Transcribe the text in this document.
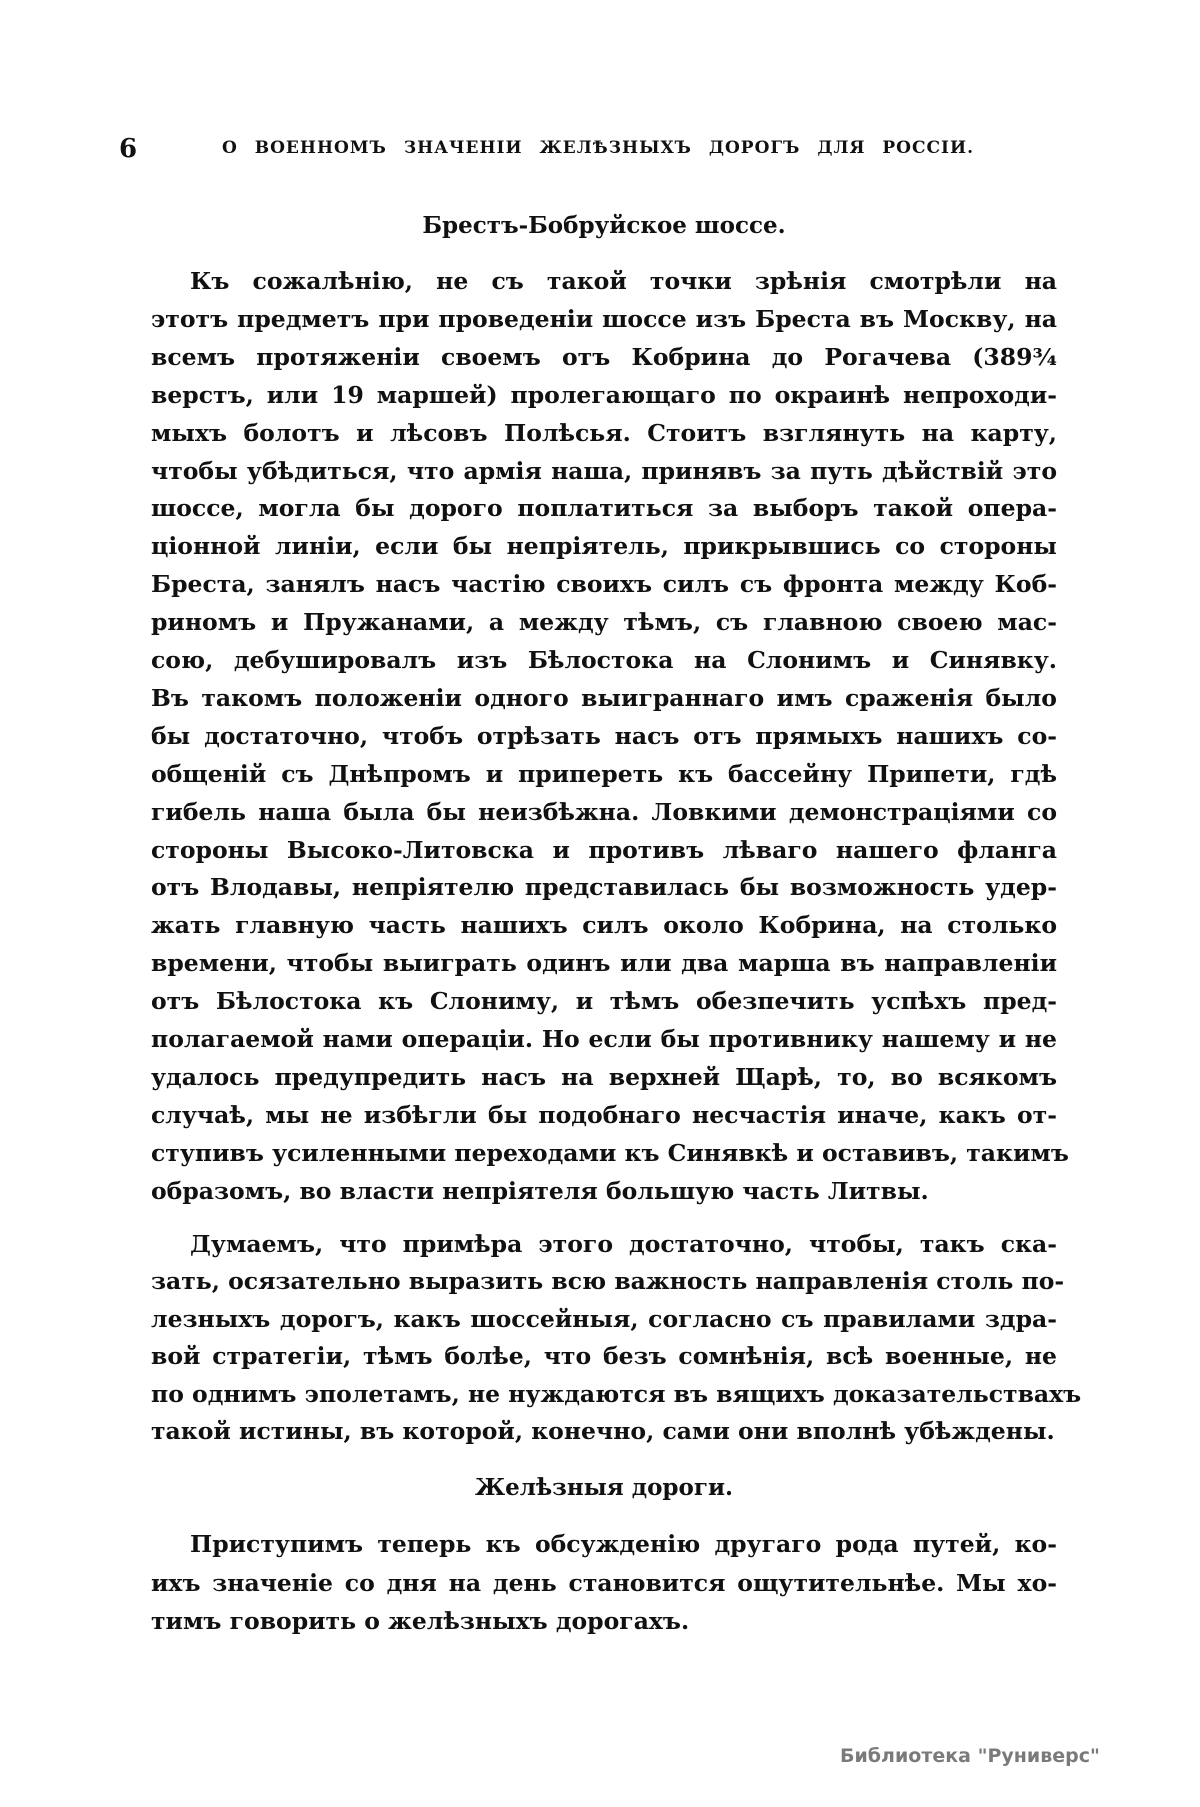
6	О ВОЕННОМЪ ЗНАЧЕНІИ ЖЕЛѢЗНЫХЪ ДОРОГЪ ДЛЯ РОССІИ.
Брестъ-Бобруйское шоссе.
Къ сожалѣнію, не съ такой точки зрѣнія смотрѣли на
этотъ предметъ при проведеніи шоссе изъ Бреста въ Москву, на
всемъ протяженіи своемъ отъ Кобрина до Рогачева (389¾
верстъ, или 19 маршей) пролегающаго по окраинѣ непроходи-
мыхъ болотъ и лѣсовъ Полѣсья. Стоитъ взглянуть на карту,
чтобы убѣдиться, что армія наша, принявъ за путь дѣйствій это
шоссе, могла бы дорого поплатиться за выборъ такой опера-
ціонной линіи, если бы непріятель, прикрывшись со стороны
Бреста, занялъ насъ частію своихъ силъ съ фронта между Коб-
риномъ и Пружанами, а между тѣмъ, съ главною своею мас-
сою, дебушировалъ изъ Бѣлостока на Слонимъ и Синявку.
Въ такомъ положеніи одного выиграннаго имъ сраженія было
бы достаточно, чтобъ отрѣзать насъ отъ прямыхъ нашихъ со-
общеній съ Днѣпромъ и припереть къ бассейну Припети, гдѣ
гибель наша была бы неизбѣжна. Ловкими демонстраціями со
стороны Высоко-Литовска и противъ лѣваго нашего фланга
отъ Влодавы, непріятелю представилась бы возможность удер-
жать главную часть нашихъ силъ около Кобрина, на столько
времени, чтобы выиграть одинъ или два марша въ направленіи
отъ Бѣлостока къ Слониму, и тѣмъ обезпечить успѣхъ пред-
полагаемой нами операціи. Но если бы противнику нашему и не
удалось предупредить насъ на верхней Щарѣ, то, во всякомъ
случаѣ, мы не избѣгли бы подобнаго несчастія иначе, какъ от-
ступивъ усиленными переходами къ Синявкѣ и оставивъ, такимъ
образомъ, во власти непріятеля большую часть Литвы.
Думаемъ, что примѣра этого достаточно, чтобы, такъ ска-
зать, осязательно выразить всю важность направленія столь по-
лезныхъ дорогъ, какъ шоссейныя, согласно съ правилами здра-
вой стратегіи, тѣмъ болѣе, что безъ сомнѣнія, всѣ военные, не
по однимъ эполетамъ, не нуждаются въ вящихъ доказательствахъ
такой истины, въ которой, конечно, сами они вполнѣ убѣждены.
Желѣзныя дороги.
Приступимъ теперь къ обсужденію другаго рода путей, ко-
ихъ значеніе со дня на день становится ощутительнѣе. Мы хо-
тимъ говорить о желѣзныхъ дорогахъ.
Библиотека "Руниверс"
